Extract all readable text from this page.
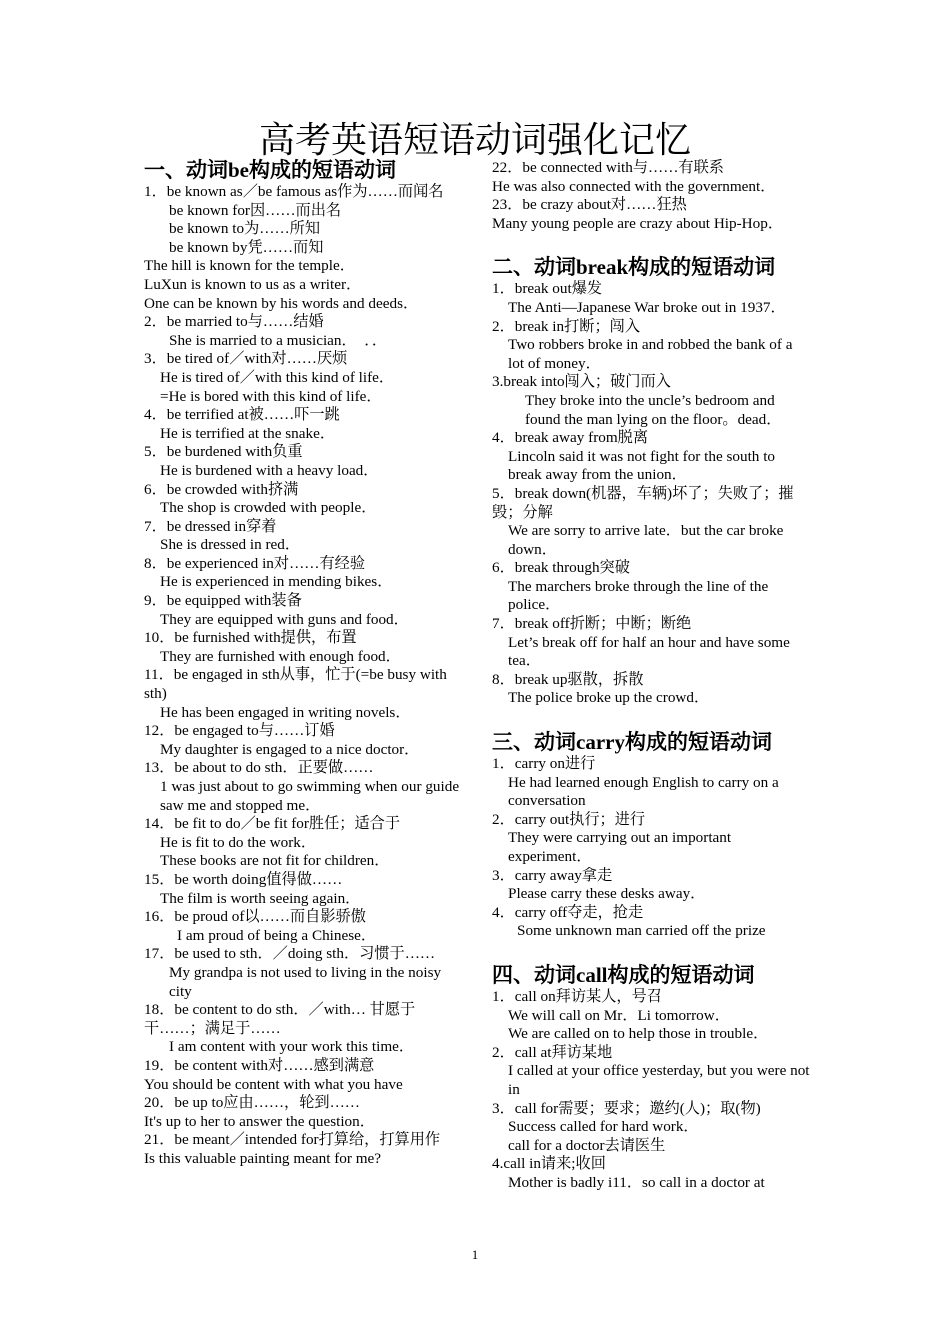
高考英语短语动词强化记忆
一、动词be构成的短语动词
1．be known as／be famous as作为……而闻名
be known for因……而出名
be known to为……所知
be known by凭……而知
The hill is known for the temple．
LuXun is known to us as a writer．
One can be known by his words and deeds．
2．be married to与……结婚
She is married to a musician．　．．
3．be tired of／with对……厌烦
He is tired of／with this kind of life．
=He is bored with this kind of life．
4．be terrified at被……吓一跳
He is terrified at the snake．
5．be burdened with负重
He is burdened with a heavy load．
6．be crowded with挤满
The shop is crowded with people．
7．be dressed in穿着
She is dressed in red．
8．be experienced in对……有经验
He is experienced in mending bikes．
9．be equipped with装备
They are equipped with guns and food．
10．be furnished with提供，布置
They are furnished with enough food．
11．be engaged in sth从事，忙于(=be busy with sth)
He has been engaged in writing novels．
12．be engaged to与……订婚
My daughter is engaged to a nice doctor．
13．be about to do sth．正要做……
1 was just about to go swimming when our guide saw me and stopped me．
14．be fit to do／be fit for胜任；适合于
He is fit to do the work．
These books are not fit for children．
15．be worth doing值得做……
The film is worth seeing again．
16．be proud of以……而自影骄傲
I am proud of being a Chinese．
17．be used to sth．／doing sth．习惯于……
My grandpa is not used to living in the noisy city
18．be content to do sth．／with… 甘愿于干……；满足于……
I am content with your work this time．
19．be content with对……感到满意
You should be content with what you have
20．be up to应由……，轮到……
It's up to her to answer the question．
21．be meant／intended for打算给，打算用作
Is this valuable painting meant for me?
22．be connected with与……有联系
He was also connected with the government．
23．be crazy about对……狂热
Many young people are crazy about Hip-Hop．
二、动词break构成的短语动词
1．break out爆发
The Anti—Japanese War broke out in 1937．
2．break in打断；闯入
Two robbers broke in and robbed the bank of a lot of money．
3.break into闯入；破门而入
They broke into the uncle’s bedroom and found the man lying on the floor。dead．
4．break away from脱离
Lincoln said it was not fight for the south to break away from the union．
5．break down(机器，车辆)坏了；失败了；摧毁；分解
We are sorry to arrive late．but the car broke down．
6．break through突破
The marchers broke through the line of the police．
7．break off折断；中断；断绝
Let’s break off for half an hour and have some tea．
8．break up驱散，拆散
The police broke up the crowd．
三、动词carry构成的短语动词
1．carry on进行
He had learned enough English to carry on a conversation
2．carry out执行；进行
They were carrying out an important experiment．
3．carry away拿走
Please carry these desks away．
4．carry off夺走，抢走
Some unknown man carried off the prize
四、动词call构成的短语动词
1．call on拜访某人，号召
We will call on Mr．Li tomorrow．
We are called on to help those in trouble．
2．call at拜访某地
I called at your office yesterday, but you were not in
3．call for需要；要求；邀约(人)；取(物)
Success called for hard work．
call for a doctor去请医生
4.call in请来;收回
Mother is badly i11．so call in a doctor at
1
